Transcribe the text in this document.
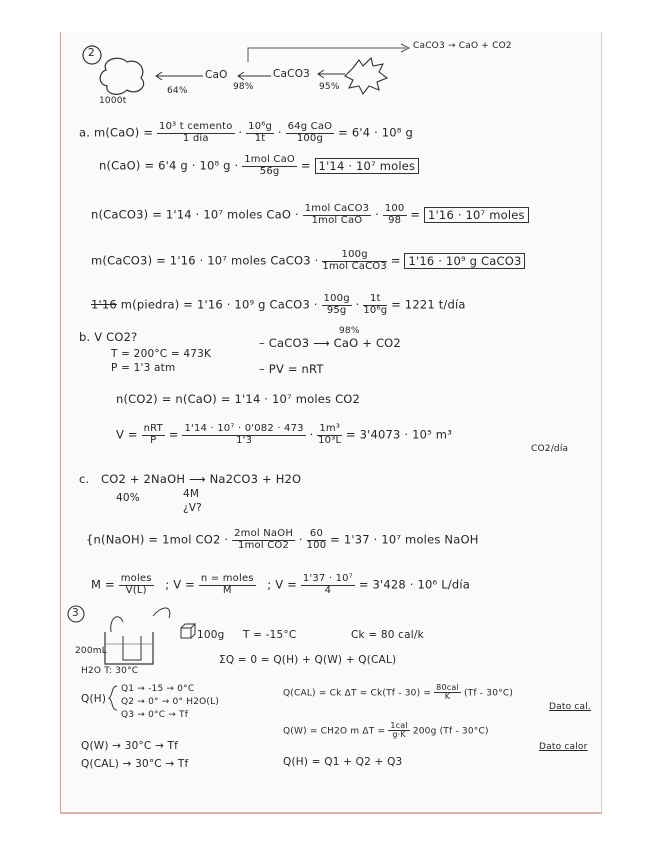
2
CaCO3 → CaO + CO2
1000t
CaO	CaCO3
64%	98%	95%
a. $m(CaO) = \frac{\text{10³ t cemento}}{\text{1 día}} \cdot \frac{\text{10⁶g}}{1t} \cdot \frac{\text{64g CaO}}{100g} = 6'4 \cdot 10^8$ g
n(CaO) = 6'4 g · 10⁸ $g \cdot \frac{\text{1mol CaO}}{56g} = 1'14 \cdot 10^7$ moles
n(CaCO3) = 1'14 · 10⁷ moles CaO · $\frac{\text{1mol CaCO3}}{\text{1mol CaO}} \cdot \frac{100}{98} = 1'16 \cdot 10^7$ moles
m(CaCO3) = 1'16 · 10⁷ moles CaCO3 · $\frac{100g}{\text{1mol CaCO3}} = 1'16 \cdot 10^9$ g CaCO3
1'16 m(piedra) = 1'16 · 10⁹ g CaCO3 · $\frac{100g}{95g} \cdot \frac{1t}{\text{10⁶g}} = 1221$ t/día
b. V CO2?
T = 200°C = 473K
P = 1'3 atm
– CaCO3 ⟶ CaO + CO2
98%
– PV = nRT
n(CO2) = n(CaO) = 1'14 · 10⁷ moles CO2
$V = \frac{\text{nRT}}{P} = \frac{\text{1'14 · 10⁷ · 0'082 · 473}}{1'3} \cdot \frac{\text{1m³}}{\text{10³L}} = 3'4073 \cdot 10^5$ m³
CO2/día
c. CO2 + 2NaOH ⟶ Na2CO3 + H2O
40%	4M
¿V?
{n(NaOH) = 1mol $CO2 \cdot \frac{\text{2mol NaOH}}{\text{1mol CO2}} \cdot \frac{60}{100} = 1'37 \cdot 10^7$ moles NaOH
$M = \frac{\text{moles}}{V(L)}$ ; $V = \frac{\text{n = moles}}{M}$ ; $V = \frac{\text{1'37 · 10⁷}}{4} = 3'428 \cdot 10^6$ L/día
3
200mL
H2O T: 30°C
100g T = -15°C	Ck = 80 cal/k
ΣQ = 0 = Q(H) + Q(W) + Q(CAL)
Q(H)
Q1 → -15 → 0°C
Q2 → 0° → 0° H2O(L)
Q3 → 0°C → Tf
Q(CAL) = Ck $\Delta T = Ck(Tf - 30) = \frac{\text{80cal}}{K} (Tf - 30^\circ C)$
Dato cal.
Q(W) = CH2O m $\Delta T = \frac{\text{1cal}}{g\cdot K} 200g$ (Tf - 30°C)
Dato calor
Q(W) → 30°C → Tf
Q(CAL) → 30°C → Tf	Q(H) = Q1 + Q2 + Q3
